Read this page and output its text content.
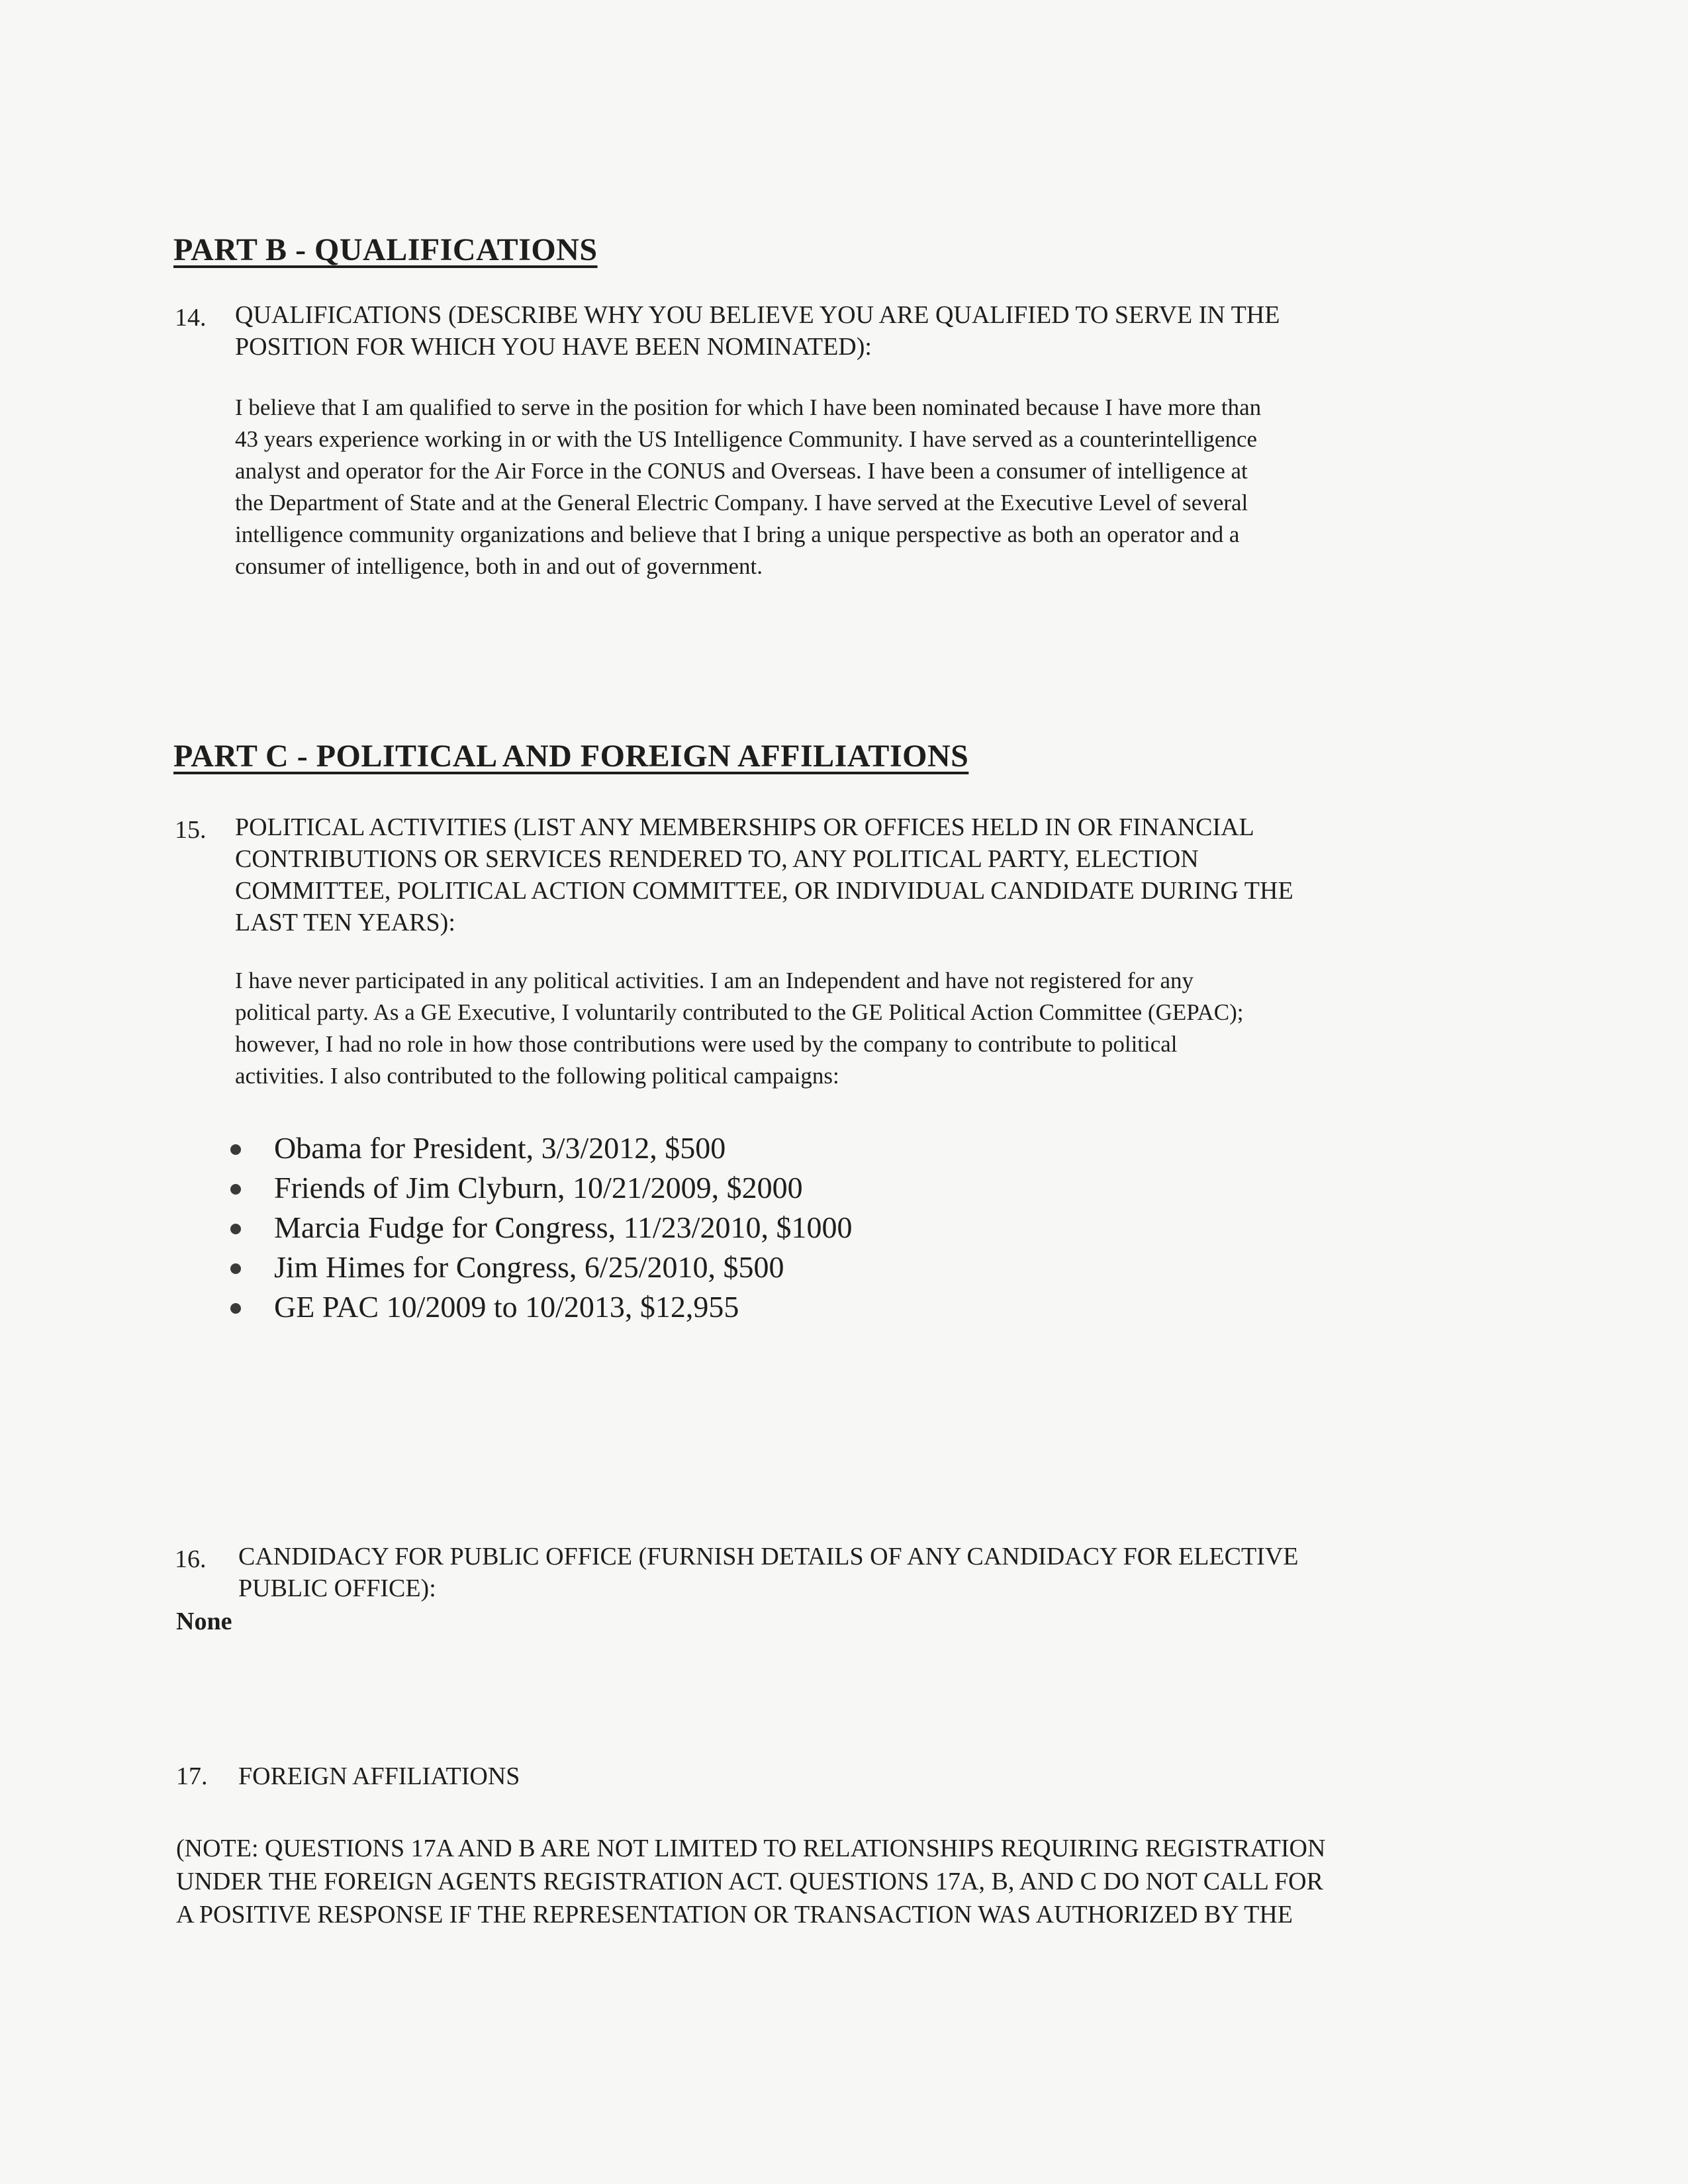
PART B - QUALIFICATIONS
14. QUALIFICATIONS (DESCRIBE WHY YOU BELIEVE YOU ARE QUALIFIED TO SERVE IN THE
POSITION FOR WHICH YOU HAVE BEEN NOMINATED):
I believe that I am qualified to serve in the position for which I have been nominated because I have more than
43 years experience working in or with the US Intelligence Community. I have served as a counterintelligence
analyst and operator for the Air Force in the CONUS and Overseas. I have been a consumer of intelligence at
the Department of State and at the General Electric Company. I have served at the Executive Level of several
intelligence community organizations and believe that I bring a unique perspective as both an operator and a
consumer of intelligence, both in and out of government.
PART C - POLITICAL AND FOREIGN AFFILIATIONS
15. POLITICAL ACTIVITIES (LIST ANY MEMBERSHIPS OR OFFICES HELD IN OR FINANCIAL
CONTRIBUTIONS OR SERVICES RENDERED TO, ANY POLITICAL PARTY, ELECTION
COMMITTEE, POLITICAL ACTION COMMITTEE, OR INDIVIDUAL CANDIDATE DURING THE
LAST TEN YEARS):
I have never participated in any political activities. I am an Independent and have not registered for any
political party. As a GE Executive, I voluntarily contributed to the GE Political Action Committee (GEPAC);
however, I had no role in how those contributions were used by the company to contribute to political
activities. I also contributed to the following political campaigns:
Obama for President, 3/3/2012, $500
Friends of Jim Clyburn, 10/21/2009, $2000
Marcia Fudge for Congress, 11/23/2010, $1000
Jim Himes for Congress, 6/25/2010, $500
GE PAC 10/2009 to 10/2013, $12,955
16. CANDIDACY FOR PUBLIC OFFICE (FURNISH DETAILS OF ANY CANDIDACY FOR ELECTIVE
PUBLIC OFFICE):
None
17. FOREIGN AFFILIATIONS
(NOTE: QUESTIONS 17A AND B ARE NOT LIMITED TO RELATIONSHIPS REQUIRING REGISTRATION
UNDER THE FOREIGN AGENTS REGISTRATION ACT. QUESTIONS 17A, B, AND C DO NOT CALL FOR
A POSITIVE RESPONSE IF THE REPRESENTATION OR TRANSACTION WAS AUTHORIZED BY THE
